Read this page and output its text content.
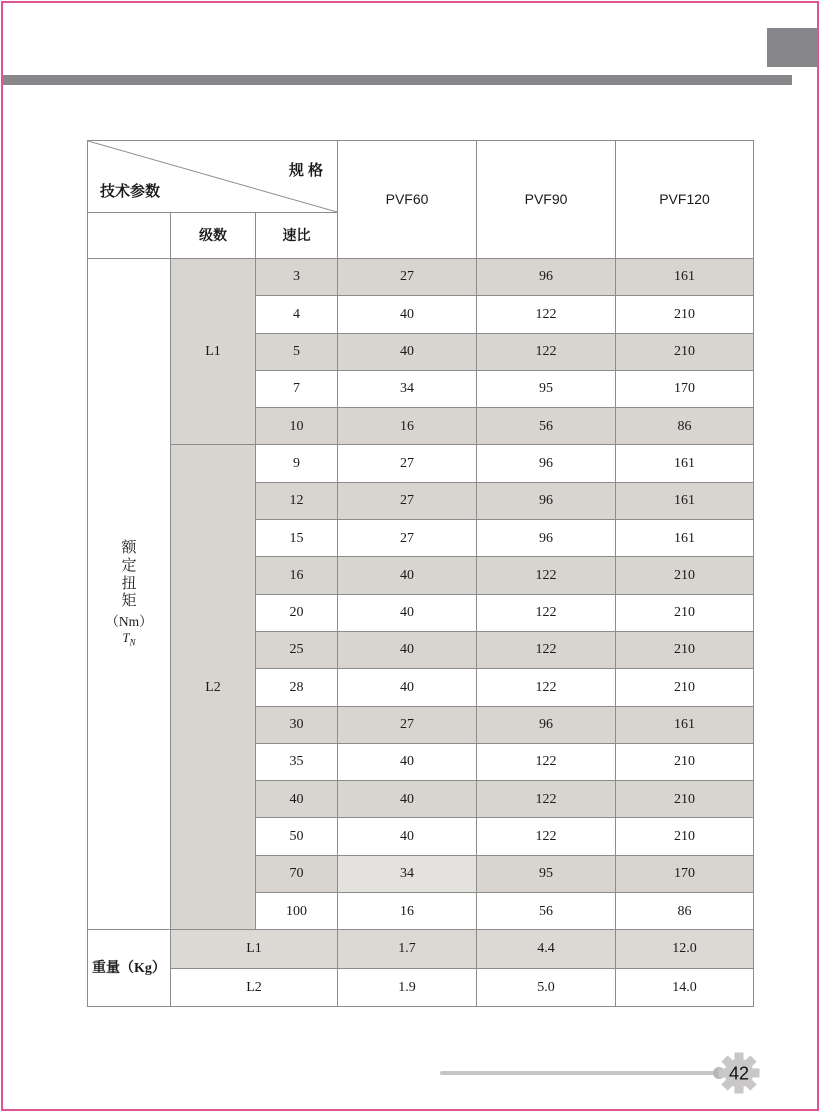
规 格
技术参数			PVF60	PVF90	PVF120
	级数	速比			

额
定
扭
矩
（Nm）
$T_N$
	L1	3	27	96	161
		4	40	122	210
		5	40	122	210
		7	34	95	170
		10	16	56	86
	L2	9	27	96	161
		12	27	96	161
		15	27	96	161
		16	40	122	210
		20	40	122	210
		25	40	122	210
		28	40	122	210
		30	27	96	161
		35	40	122	210
		40	40	122	210
		50	40	122	210
		70	34	95	170
		100	16	56	86
重量（Kg）	L1		1.7	4.4	12.0
	L2		1.9	5.0	14.0
42
